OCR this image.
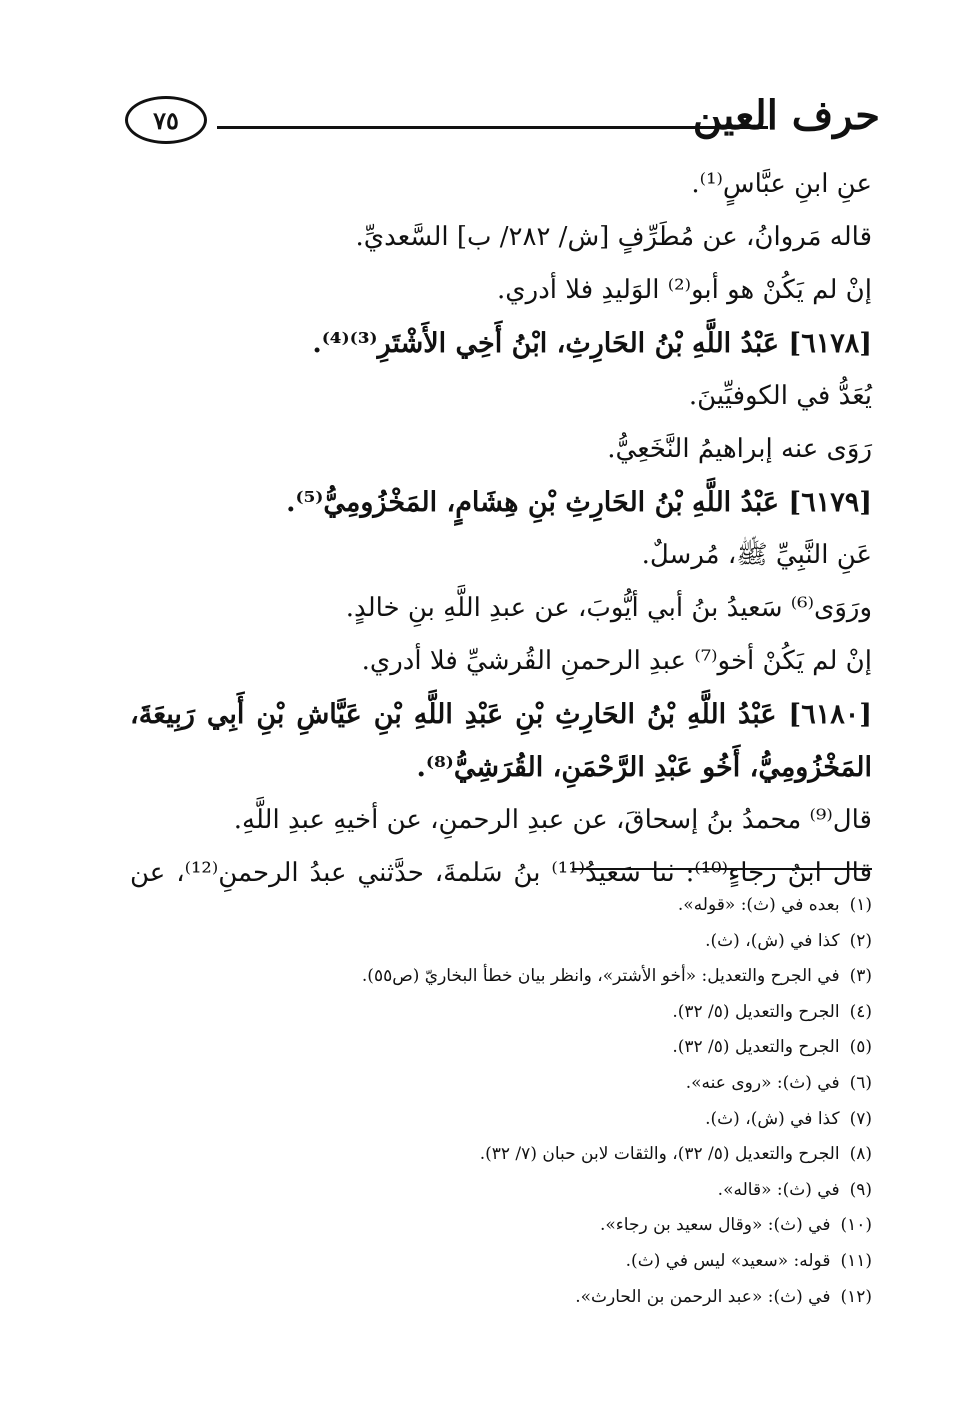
حرف العين
٧٥
عنِ ابنِ عبَّاسٍ⁽¹⁾.
قاله مَروانُ، عن مُطَرِّفٍ [ش/ ٢٨٢/ ب] السَّعديِّ.
إنْ لم يَكُنْ هو أبو⁽²⁾ الوَليدِ فلا أدري.
[٦١٧٨] عَبْدُ اللَّهِ بْنُ الحَارِثِ، ابْنُ أَخِي الأَشْتَرِ⁽³⁾⁽⁴⁾.
يُعَدُّ في الكوفيِّينَ.
رَوَى عنه إبراهيمُ النَّخَعِيُّ.
[٦١٧٩] عَبْدُ اللَّهِ بْنُ الحَارِثِ بْنِ هِشَامٍ، المَخْزُومِيُّ⁽⁵⁾.
عَنِ النَّبِيِّ ﷺ، مُرسلٌ.
ورَوَى⁽⁶⁾ سَعيدُ بنُ أبي أيُّوبَ، عن عبدِ اللَّهِ بنِ خالدٍ.
إنْ لم يَكُنْ أخو⁽⁷⁾ عبدِ الرحمنِ القُرشيِّ فلا أدري.
[٦١٨٠] عَبْدُ اللَّهِ بْنُ الحَارِثِ بْنِ عَبْدِ اللَّهِ بْنِ عَيَّاشِ بْنِ أَبِي رَبِيعَةَ،
المَخْزُومِيُّ، أَخُو عَبْدِ الرَّحْمَنِ، القُرَشِيُّ⁽⁸⁾.
قال⁽⁹⁾ محمدُ بنُ إسحاقَ، عن عبدِ الرحمنِ، عن أخيهِ عبدِ اللَّهِ.
قال ابنُ رجاءٍ⁽¹⁰⁾: ثنا سَعيدُ⁽¹¹⁾ بنُ سَلمةَ، حدَّثني عبدُ الرحمنِ⁽¹²⁾، عن
(١)بعده في (ث): «قوله».
(٢)كذا في (ش)، (ث).
(٣)في الجرح والتعديل: «أخو الأشتر»، وانظر بيان خطأ البخاريّ (ص٥٥).
(٤)الجرح والتعديل (٥/ ٣٢).
(٥)الجرح والتعديل (٥/ ٣٢).
(٦)في (ث): «روى عنه».
(٧)كذا في (ش)، (ث).
(٨)الجرح والتعديل (٥/ ٣٢)، والثقات لابن حبان (٧/ ٣٢).
(٩)في (ث): «قاله».
(١٠)في (ث): «وقال سعيد بن رجاء».
(١١)قوله: «سعيد» ليس في (ث).
(١٢)في (ث): «عبد الرحمن بن الحارث».
